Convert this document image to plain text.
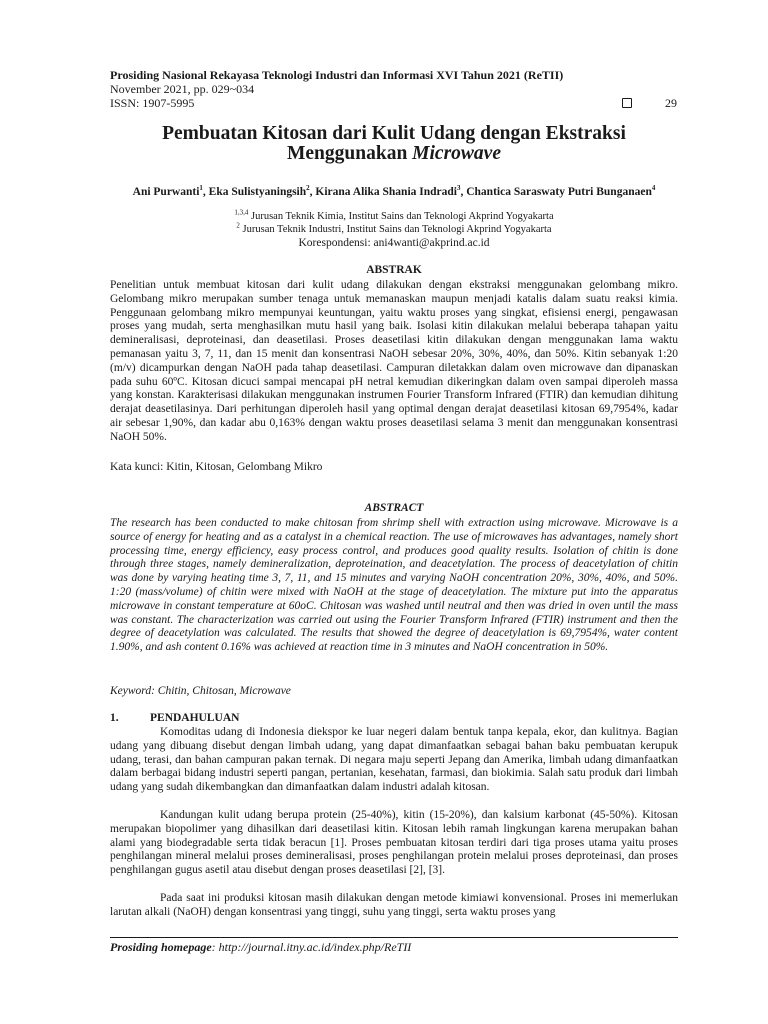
Prosiding Nasional Rekayasa Teknologi Industri dan Informasi XVI Tahun 2021 (ReTII)
November 2021, pp. 029~034
ISSN: 1907-5995	29
Pembuatan Kitosan dari Kulit Udang dengan Ekstraksi
Menggunakan Microwave
Ani Purwanti$^1$, Eka Sulistyaningsih$^2$, Kirana Alika Shania Indradi$^3$, Chantica Saraswaty Putri Bunganaen$^4$
$^{1,3,4}$ Jurusan Teknik Kimia, Institut Sains dan Teknologi Akprind Yogyakarta
$^2$ Jurusan Teknik Industri, Institut Sains dan Teknologi Akprind Yogyakarta
Korespondensi: ani4wanti@akprind.ac.id
ABSTRAK

Penelitian untuk membuat kitosan dari kulit udang dilakukan dengan ekstraksi menggunakan gelombang mikro. Gelombang mikro merupakan sumber tenaga untuk memanaskan maupun menjadi katalis dalam suatu reaksi kimia. Penggunaan gelombang mikro mempunyai keuntungan, yaitu waktu proses yang singkat, efisiensi energi, pengawasan proses yang mudah, serta menghasilkan mutu hasil yang baik. Isolasi kitin dilakukan melalui beberapa tahapan yaitu demineralisasi, deproteinasi, dan deasetilasi. Proses deasetilasi kitin dilakukan dengan menggunakan lama waktu pemanasan yaitu 3, 7, 11, dan 15 menit dan konsentrasi NaOH sebesar 20%, 30%, 40%, dan 50%. Kitin sebanyak 1:20 (m/v) dicampurkan dengan NaOH pada tahap deasetilasi. Campuran diletakkan dalam oven microwave dan dipanaskan pada suhu 60ºC. Kitosan dicuci sampai mencapai pH netral kemudian dikeringkan dalam oven sampai diperoleh massa yang konstan. Karakterisasi dilakukan menggunakan instrumen Fourier Transform Infrared (FTIR) dan kemudian dihitung derajat deasetilasinya. Dari perhitungan diperoleh hasil yang optimal dengan derajat deasetilasi kitosan 69,7954%, kadar air sebesar 1,90%, dan kadar abu 0,163% dengan waktu proses deasetilasi selama 3 menit dan menggunakan konsentrasi NaOH 50%.

Kata kunci: Kitin, Kitosan, Gelombang Mikro
ABSTRACT

The research has been conducted to make chitosan from shrimp shell with extraction using microwave. Microwave is a source of energy for heating and as a catalyst in a chemical reaction. The use of microwaves has advantages, namely short processing time, energy efficiency, easy process control, and produces good quality results. Isolation of chitin is done through three stages, namely demineralization, deproteination, and deacetylation. The process of deacetylation of chitin was done by varying heating time 3, 7, 11, and 15 minutes and varying NaOH concentration 20%, 30%, 40%, and 50%. 1:20 (mass/volume) of chitin were mixed with NaOH at the stage of deacetylation. The mixture put into the apparatus microwave in constant temperature at 60oC. Chitosan was washed until neutral and then was dried in oven until the mass was constant. The characterization was carried out using the Fourier Transform Infrared (FTIR) instrument and then the degree of deacetylation was calculated. The results that showed the degree of deacetylation is 69,7954%, water content 1.90%, and ash content 0.16% was achieved at reaction time in 3 minutes and NaOH concentration in 50%.

Keyword: Chitin, Chitosan, Microwave
1.	PENDAHULUAN

Komoditas udang di Indonesia diekspor ke luar negeri dalam bentuk tanpa kepala, ekor, dan kulitnya. Bagian udang yang dibuang disebut dengan limbah udang, yang dapat dimanfaatkan sebagai bahan baku pembuatan kerupuk udang, terasi, dan bahan campuran pakan ternak. Di negara maju seperti Jepang dan Amerika, limbah udang dimanfaatkan dalam berbagai bidang industri seperti pangan, pertanian, kesehatan, farmasi, dan biokimia. Salah satu produk dari limbah udang yang sudah dikembangkan dan dimanfaatkan dalam industri adalah kitosan.

Kandungan kulit udang berupa protein (25-40%), kitin (15-20%), dan kalsium karbonat (45-50%). Kitosan merupakan biopolimer yang dihasilkan dari deasetilasi kitin. Kitosan lebih ramah lingkungan karena merupakan bahan alami yang biodegradable serta tidak beracun [1]. Proses pembuatan kitosan terdiri dari tiga proses utama yaitu proses penghilangan mineral melalui proses demineralisasi, proses penghilangan protein melalui proses deproteinasi, dan proses penghilangan gugus asetil atau disebut dengan proses deasetilasi [2], [3].

Pada saat ini produksi kitosan masih dilakukan dengan metode kimiawi konvensional. Proses ini memerlukan larutan alkali (NaOH) dengan konsentrasi yang tinggi, suhu yang tinggi, serta waktu proses yang

Prosiding homepage: http://journal.itny.ac.id/index.php/ReTII
